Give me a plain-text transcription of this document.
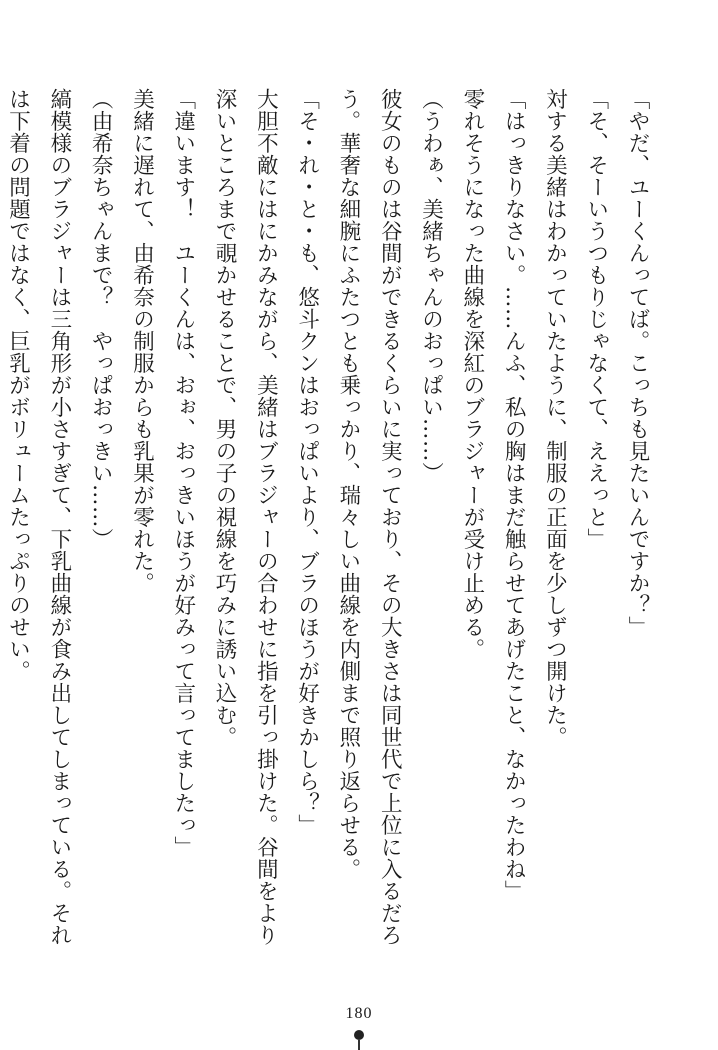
「やだ、ユーくんってば。こっちも見たいんですか？」
「そ、そーいうつもりじゃなくて、ええっと」
対する美緒はわかっていたように、制服の正面を少しずつ開けた。
「はっきりなさい。……んふ、私の胸はまだ触らせてあげたこと、なかったわね」
零れそうになった曲線を深紅のブラジャーが受け止める。
（うわぁ、美緒ちゃんのおっぱい……）
彼女のものは谷間ができるくらいに実っており、その大きさは同世代で上位に入るだろ
う。華奢な細腕にふたつとも乗っかり、瑞々しい曲線を内側まで照り返らせる。
「そ・れ・と・も、悠斗クンはおっぱいより、ブラのほうが好きかしら？」
大胆不敵にはにかみながら、美緒はブラジャーの合わせに指を引っ掛けた。谷間をより
深いところまで覗かせることで、男の子の視線を巧みに誘い込む。
「違います！　ユーくんは、おぉ、おっきいほうが好みって言ってましたっ」
美緒に遅れて、由希奈の制服からも乳果が零れた。
（由希奈ちゃんまで？　やっぱおっきい……）
縞模様のブラジャーは三角形が小さすぎて、下乳曲線が食み出してしまっている。それ
は下着の問題ではなく、巨乳がボリュームたっぷりのせい。
180
